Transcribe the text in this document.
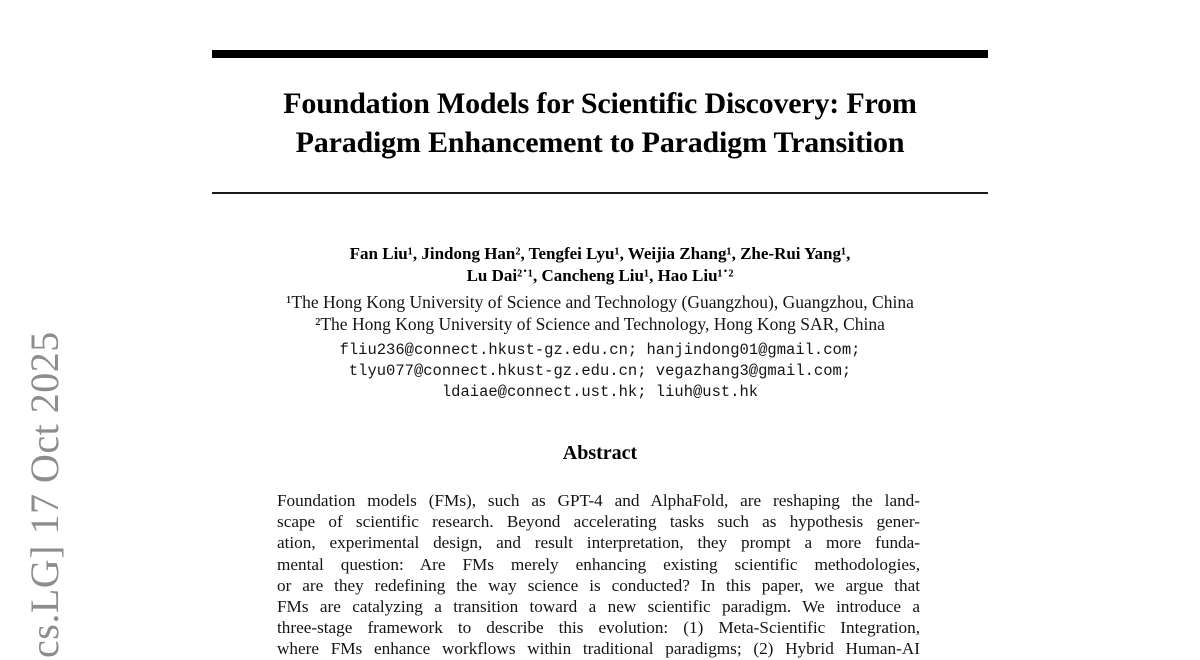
cs.LG] 17 Oct 2025
Foundation Models for Scientific Discovery: From
Paradigm Enhancement to Paradigm Transition
Fan Liu¹, Jindong Han², Tengfei Lyu¹, Weijia Zhang¹, Zhe-Rui Yang¹,
Lu Dai²˙¹, Cancheng Liu¹, Hao Liu¹˙²
¹The Hong Kong University of Science and Technology (Guangzhou), Guangzhou, China
²The Hong Kong University of Science and Technology, Hong Kong SAR, China
fliu236@connect.hkust-gz.edu.cn; hanjindong01@gmail.com;
tlyu077@connect.hkust-gz.edu.cn; vegazhang3@gmail.com;
ldaiae@connect.ust.hk; liuh@ust.hk
Abstract
Foundation models (FMs), such as GPT-4 and AlphaFold, are reshaping the land-
scape of scientific research. Beyond accelerating tasks such as hypothesis gener-
ation, experimental design, and result interpretation, they prompt a more funda-
mental question: Are FMs merely enhancing existing scientific methodologies,
or are they redefining the way science is conducted? In this paper, we argue that
FMs are catalyzing a transition toward a new scientific paradigm. We introduce a
three-stage framework to describe this evolution: (1) Meta-Scientific Integration,
where FMs enhance workflows within traditional paradigms; (2) Hybrid Human-AI
